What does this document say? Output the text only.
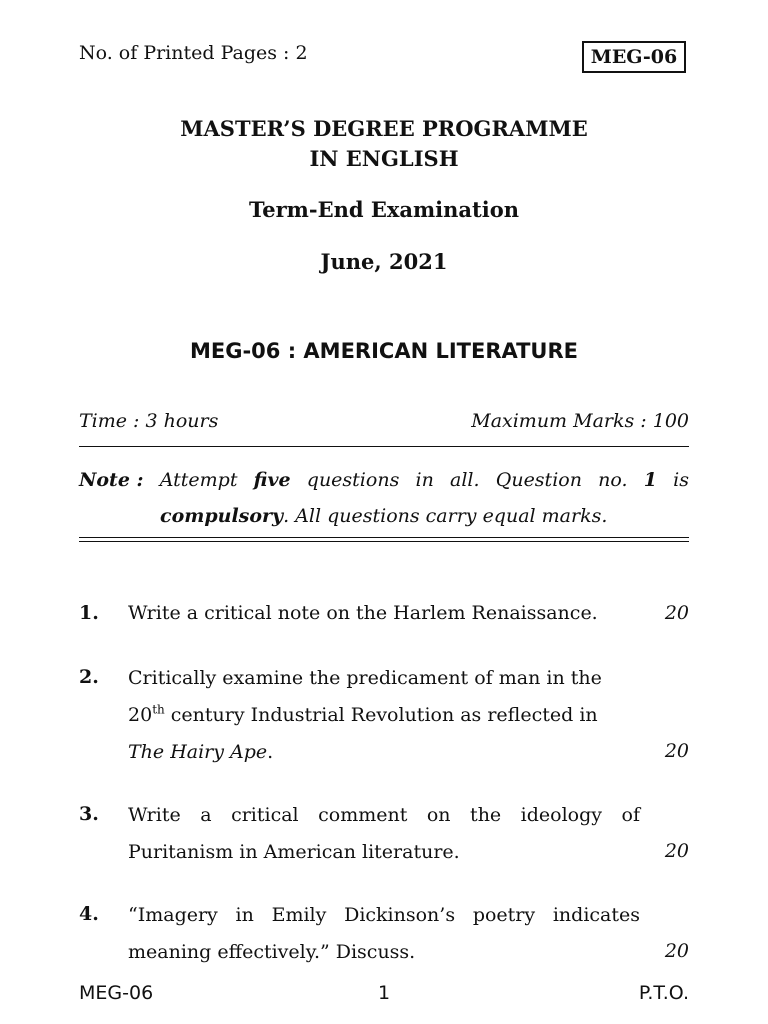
No. of Printed Pages : 2	MEG-06
MASTER’S DEGREE PROGRAMME
IN ENGLISH
Term-End Examination
June, 2021
MEG-06 : AMERICAN LITERATURE
Time : 3 hours	Maximum Marks : 100
Note : Attempt five questions in all. Question no. 1 is
compulsory. All questions carry equal marks.
1. Write a critical note on the Harlem Renaissance.	20
2. Critically examine the predicament of man in the
20th century Industrial Revolution as reflected in
The Hairy Ape.	20
3. Write a critical comment on the ideology of
Puritanism in American literature.	20
4. “Imagery in Emily Dickinson’s poetry indicates
meaning effectively.” Discuss.	20
MEG-06	1	P.T.O.
